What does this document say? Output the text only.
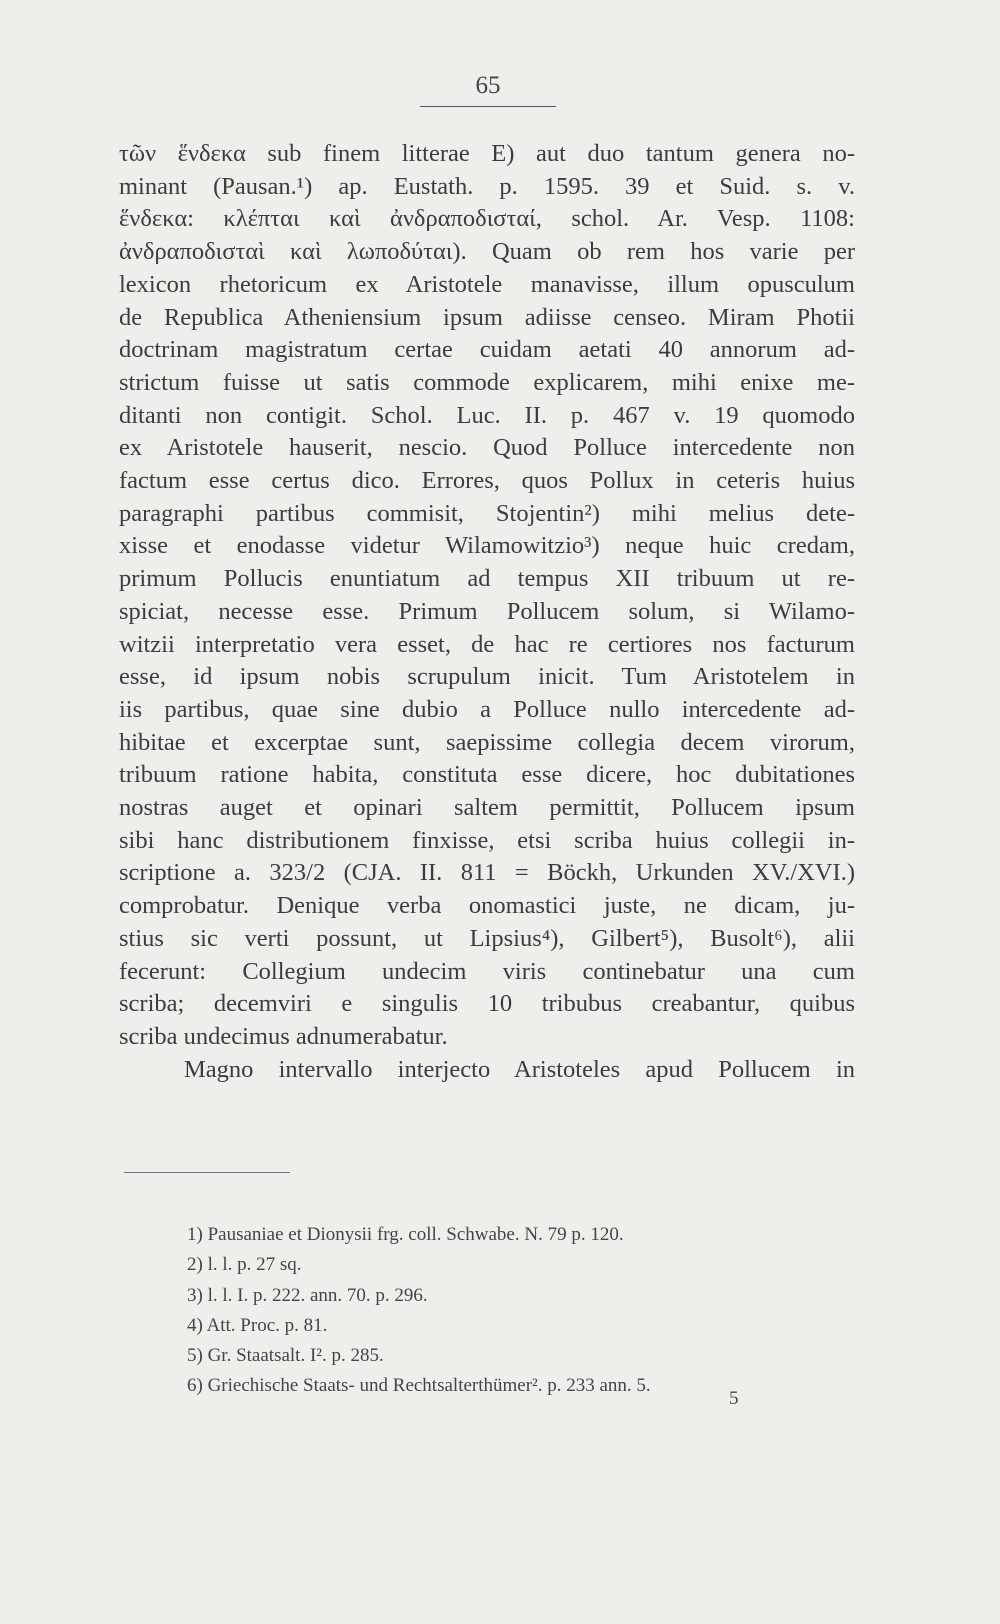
65
τῶν ἕνδεκα sub finem litterae E) aut duo tantum genera no-
minant (Pausan.¹) ap. Eustath. p. 1595. 39 et Suid. s. v.
ἕνδεκα: κλέπται καὶ ἀνδραποδισταί, schol. Ar. Vesp. 1108:
ἀνδραποδισταὶ καὶ λωποδύται). Quam ob rem hos varie per
lexicon rhetoricum ex Aristotele manavisse, illum opusculum
de Republica Atheniensium ipsum adiisse censeo. Miram Photii
doctrinam magistratum certae cuidam aetati 40 annorum ad-
strictum fuisse ut satis commode explicarem, mihi enixe me-
ditanti non contigit. Schol. Luc. II. p. 467 v. 19 quomodo
ex Aristotele hauserit, nescio. Quod Polluce intercedente non
factum esse certus dico. Errores, quos Pollux in ceteris huius
paragraphi partibus commisit, Stojentin²) mihi melius dete-
xisse et enodasse videtur Wilamowitzio³) neque huic credam,
primum Pollucis enuntiatum ad tempus XII tribuum ut re-
spiciat, necesse esse. Primum Pollucem solum, si Wilamo-
witzii interpretatio vera esset, de hac re certiores nos facturum
esse, id ipsum nobis scrupulum inicit. Tum Aristotelem in
iis partibus, quae sine dubio a Polluce nullo intercedente ad-
hibitae et excerptae sunt, saepissime collegia decem virorum,
tribuum ratione habita, constituta esse dicere, hoc dubitationes
nostras auget et opinari saltem permittit, Pollucem ipsum
sibi hanc distributionem finxisse, etsi scriba huius collegii in-
scriptione a. 323/2 (CJA. II. 811 = Böckh, Urkunden XV./XVI.)
comprobatur. Denique verba onomastici juste, ne dicam, ju-
stius sic verti possunt, ut Lipsius⁴), Gilbert⁵), Busolt⁶), alii
fecerunt: Collegium undecim viris continebatur una cum
scriba; decemviri e singulis 10 tribubus creabantur, quibus
scriba undecimus adnumerabatur.
Magno intervallo interjecto Aristoteles apud Pollucem in
1) Pausaniae et Dionysii frg. coll. Schwabe. N. 79 p. 120.
2) l. l. p. 27 sq.
3) l. l. I. p. 222. ann. 70. p. 296.
4) Att. Proc. p. 81.
5) Gr. Staatsalt. I². p. 285.
6) Griechische Staats- und Rechtsalterthümer². p. 233 ann. 5.
5
